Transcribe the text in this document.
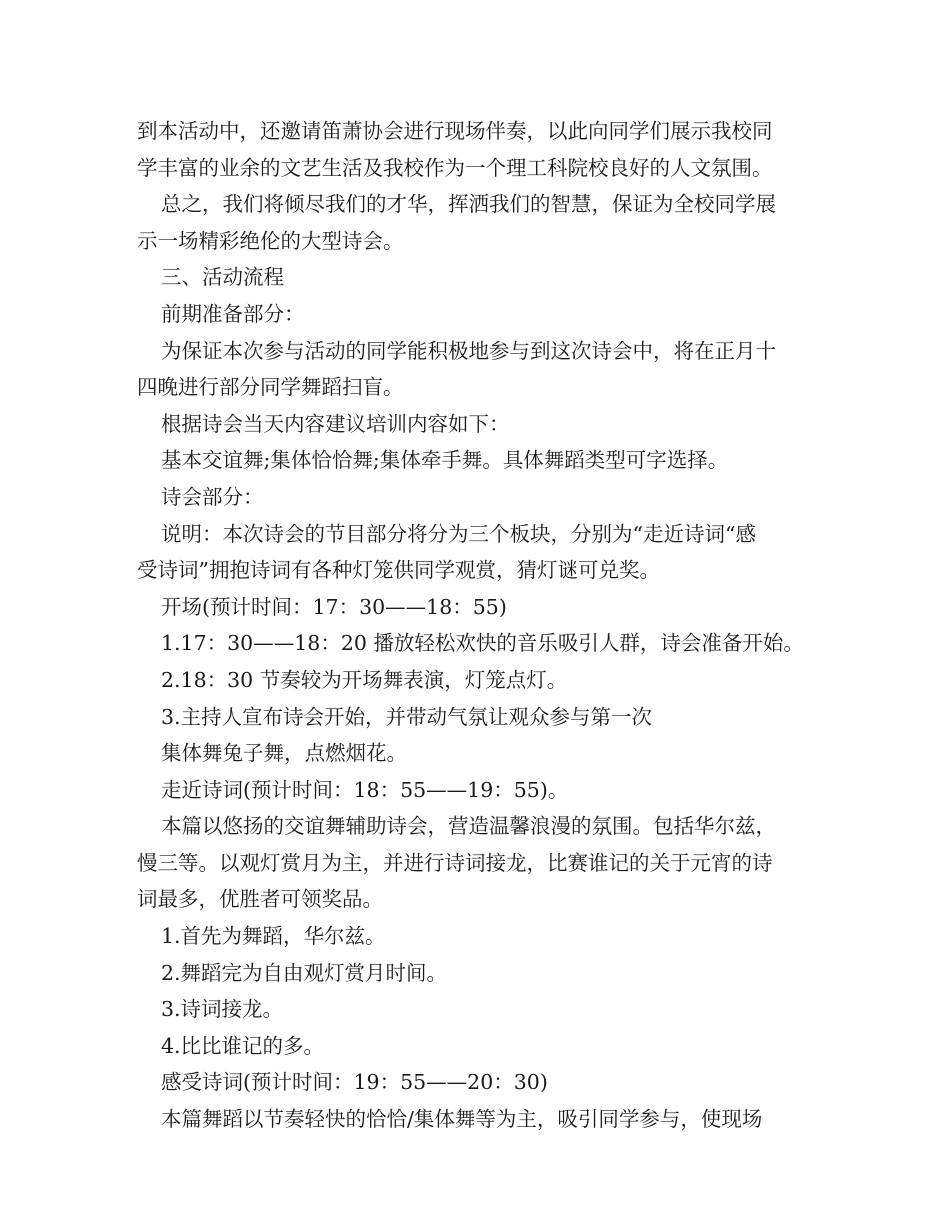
到本活动中，还邀请笛萧协会进行现场伴奏，以此向同学们展示我校同

学丰富的业余的文艺生活及我校作为一个理工科院校良好的人文氛围。

总之，我们将倾尽我们的才华，挥洒我们的智慧，保证为全校同学展

示一场精彩绝伦的大型诗会。

三、活动流程

前期准备部分：

为保证本次参与活动的同学能积极地参与到这次诗会中，将在正月十

四晚进行部分同学舞蹈扫盲。

根据诗会当天内容建议培训内容如下：

基本交谊舞;集体恰恰舞;集体牵手舞。具体舞蹈类型可字选择。

诗会部分：

说明：本次诗会的节目部分将分为三个板块，分别为“走近诗词“感

受诗词”拥抱诗词有各种灯笼供同学观赏，猜灯谜可兑奖。

开场(预计时间：17：30——18：55)

1.17：30——18：20 播放轻松欢快的音乐吸引人群，诗会准备开始。

2.18：30 节奏较为开场舞表演，灯笼点灯。

3.主持人宣布诗会开始，并带动气氛让观众参与第一次

集体舞兔子舞，点燃烟花。

走近诗词(预计时间：18：55——19：55)。

本篇以悠扬的交谊舞辅助诗会，营造温馨浪漫的氛围。包括华尔兹，

慢三等。以观灯赏月为主，并进行诗词接龙，比赛谁记的关于元宵的诗

词最多，优胜者可领奖品。

1.首先为舞蹈，华尔兹。

2.舞蹈完为自由观灯赏月时间。

3.诗词接龙。

4.比比谁记的多。

感受诗词(预计时间：19：55——20：30)

本篇舞蹈以节奏轻快的恰恰/集体舞等为主，吸引同学参与，使现场
